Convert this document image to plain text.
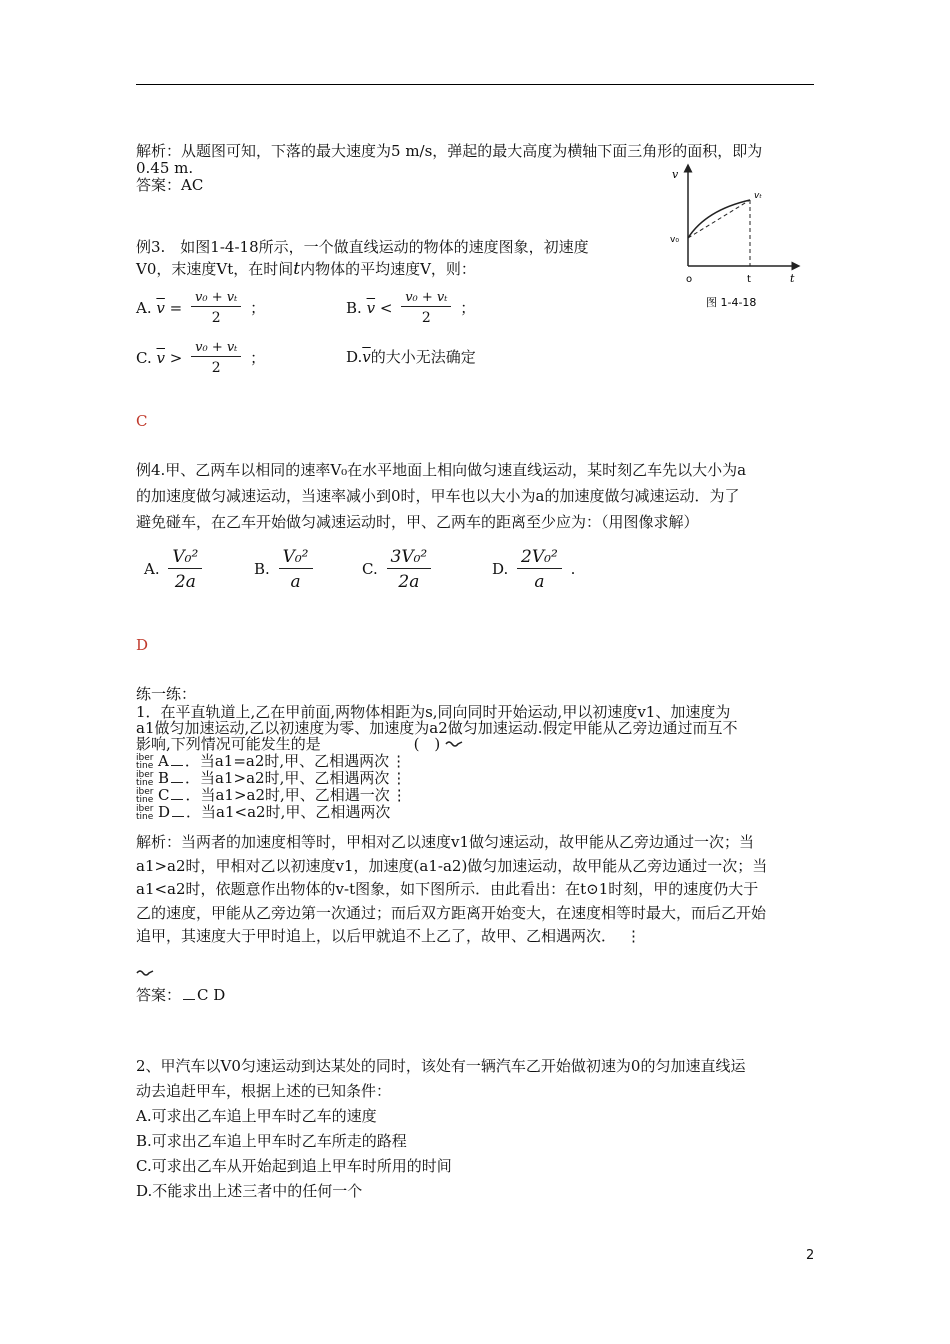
解析：从题图可知，下落的最大速度为5 m/s，弹起的最大高度为横轴下面三角形的面积，即为
0.45 m.
答案：AC
v
t
o
v₀
vₜ
t
图 1-4-18
例3.　如图1-4-18所示，一个做直线运动的物体的速度图象，初速度
V0，末速度Vt，在时间t内物体的平均速度V，则：
A. $\overline{v} = \frac{\text{v₀ + vₜ}}{2}$ ；	B. $\overline{v} < \frac{\text{v₀ + vₜ}}{2}$ ；
C. $\overline{v} > \frac{\text{v₀ + vₜ}}{2}$ ；	$D.\overline{v}$的大小无法确定
C
例4.甲、乙两车以相同的速率V₀在水平地面上相向做匀速直线运动，某时刻乙车先以大小为a
的加速度做匀减速运动，当速率减小到0时，甲车也以大小为a的加速度做匀减速运动．为了
避免碰车，在乙车开始做匀减速运动时，甲、乙两车的距离至少应为：（用图像求解）
A. $\frac{\text{V₀²}}{2a}$	B. $\frac{\text{V₀²}}{a}$	C. $\frac{\text{3V₀²}}{2a}$	D. $\frac{\text{2V₀²}}{a}$ .
D
练一练：
1．在平直轨道上,乙在甲前面,两物体相距为s,同向同时开始运动,甲以初速度v1、加速度为
a1做匀加速运动,乙以初速度为零、加速度为a2做匀加速运动.假定甲能从乙旁边通过而互不
影响,下列情况可能发生的是	(　)
iber
tine A ．当a1=a2时,甲、乙相遇两次 ⋮
iber
tine B ．当a1>a2时,甲、乙相遇两次 ⋮
iber
tine C ．当a1>a2时,甲、乙相遇一次 ⋮
iber
tine D ．当a1<a2时,甲、乙相遇两次
解析：当两者的加速度相等时，甲相对乙以速度v1做匀速运动，故甲能从乙旁边通过一次；当
a1>a2时，甲相对乙以初速度v1，加速度(a1-a2)做匀加速运动，故甲能从乙旁边通过一次；当
a1<a2时，依题意作出物体的v-t图象，如下图所示．由此看出：在t⊙1时刻，甲的速度仍大于
乙的速度，甲能从乙旁边第一次通过；而后双方距离开始变大，在速度相等时最大，而后乙开始
追甲，其速度大于甲时追上，以后甲就追不上乙了，故甲、乙相遇两次． ⋮
答案： C D
2、甲汽车以V0匀速运动到达某处的同时，该处有一辆汽车乙开始做初速为0的匀加速直线运
动去追赶甲车，根据上述的已知条件：
A.可求出乙车追上甲车时乙车的速度
B.可求出乙车追上甲车时乙车所走的路程
C.可求出乙车从开始起到追上甲车时所用的时间
D.不能求出上述三者中的任何一个
2
